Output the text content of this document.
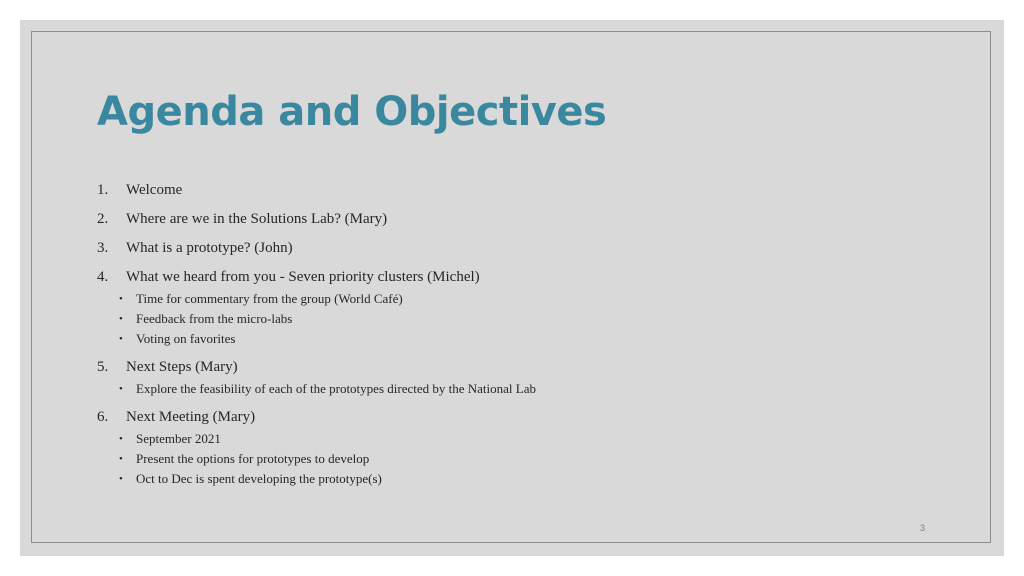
Agenda and Objectives
1. Welcome
2. Where are we in the Solutions Lab? (Mary)
3. What is a prototype? (John)
4. What we heard from you - Seven priority clusters (Michel)
• Time for commentary from the group (World Café)
• Feedback from the micro-labs
• Voting on favorites
5. Next Steps (Mary)
• Explore the feasibility of each of the prototypes directed by the National Lab
6. Next Meeting (Mary)
• September 2021
• Present the options for prototypes to develop
• Oct to Dec is spent developing the prototype(s)
3
